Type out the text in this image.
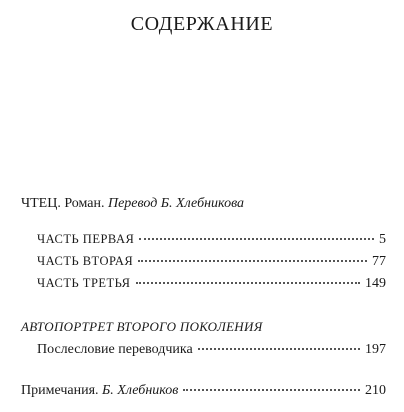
СОДЕРЖАНИЕ
ЧТЕЦ. Роман. Перевод Б. Хлебникова
ЧАСТЬ ПЕРВАЯ	5
ЧАСТЬ ВТОРАЯ	77
ЧАСТЬ ТРЕТЬЯ	149
АВТОПОРТРЕТ ВТОРОГО ПОКОЛЕНИЯ
Послесловие переводчика	197
Примечания. Б. Хлебников	210
